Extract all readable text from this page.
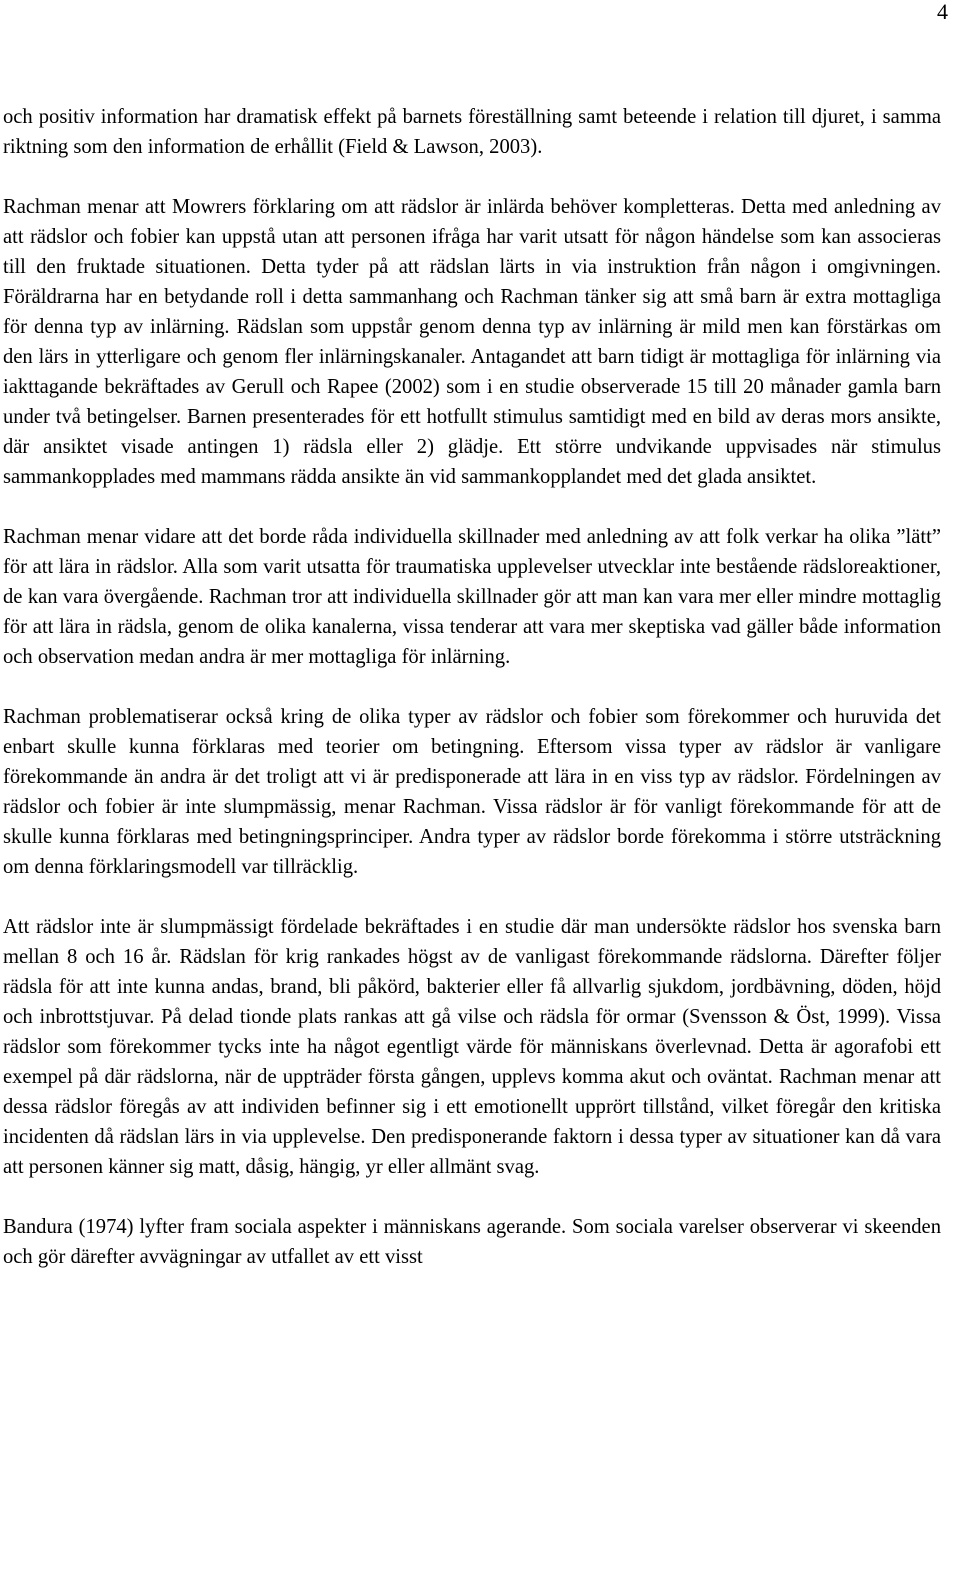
4

och positiv information har dramatisk effekt på barnets föreställning samt beteende i relation till djuret, i samma riktning som den information de erhållit (Field & Lawson, 2003).

Rachman menar att Mowrers förklaring om att rädslor är inlärda behöver kompletteras. Detta med anledning av att rädslor och fobier kan uppstå utan att personen ifråga har varit utsatt för någon händelse som kan associeras till den fruktade situationen. Detta tyder på att rädslan lärts in via instruktion från någon i omgivningen. Föräldrarna har en betydande roll i detta sammanhang och Rachman tänker sig att små barn är extra mottagliga för denna typ av inlärning. Rädslan som uppstår genom denna typ av inlärning är mild men kan förstärkas om den lärs in ytterligare och genom fler inlärningskanaler. Antagandet att barn tidigt är mottagliga för inlärning via iakttagande bekräftades av Gerull och Rapee (2002) som i en studie observerade 15 till 20 månader gamla barn under två betingelser. Barnen presenterades för ett hotfullt stimulus samtidigt med en bild av deras mors ansikte, där ansiktet visade antingen 1) rädsla eller 2) glädje. Ett större undvikande uppvisades när stimulus sammankopplades med mammans rädda ansikte än vid sammankopplandet med det glada ansiktet.

Rachman menar vidare att det borde råda individuella skillnader med anledning av att folk verkar ha olika ”lätt” för att lära in rädslor. Alla som varit utsatta för traumatiska upplevelser utvecklar inte bestående rädsloreaktioner, de kan vara övergående. Rachman tror att individuella skillnader gör att man kan vara mer eller mindre mottaglig för att lära in rädsla, genom de olika kanalerna, vissa tenderar att vara mer skeptiska vad gäller både information och observation medan andra är mer mottagliga för inlärning.

Rachman problematiserar också kring de olika typer av rädslor och fobier som förekommer och huruvida det enbart skulle kunna förklaras med teorier om betingning. Eftersom vissa typer av rädslor är vanligare förekommande än andra är det troligt att vi är predisponerade att lära in en viss typ av rädslor. Fördelningen av rädslor och fobier är inte slumpmässig, menar Rachman. Vissa rädslor är för vanligt förekommande för att de skulle kunna förklaras med betingningsprinciper. Andra typer av rädslor borde förekomma i större utsträckning om denna förklaringsmodell var tillräcklig.

Att rädslor inte är slumpmässigt fördelade bekräftades i en studie där man undersökte rädslor hos svenska barn mellan 8 och 16 år. Rädslan för krig rankades högst av de vanligast förekommande rädslorna. Därefter följer rädsla för att inte kunna andas, brand, bli påkörd, bakterier eller få allvarlig sjukdom, jordbävning, döden, höjd och inbrottstjuvar. På delad tionde plats rankas att gå vilse och rädsla för ormar (Svensson & Öst, 1999). Vissa rädslor som förekommer tycks inte ha något egentligt värde för människans överlevnad. Detta är agorafobi ett exempel på där rädslorna, när de uppträder första gången, upplevs komma akut och oväntat. Rachman menar att dessa rädslor föregås av att individen befinner sig i ett emotionellt upprört tillstånd, vilket föregår den kritiska incidenten då rädslan lärs in via upplevelse. Den predisponerande faktorn i dessa typer av situationer kan då vara att personen känner sig matt, dåsig, hängig, yr eller allmänt svag.

Bandura (1974) lyfter fram sociala aspekter i människans agerande. Som sociala varelser observerar vi skeenden och gör därefter avvägningar av utfallet av ett visst
